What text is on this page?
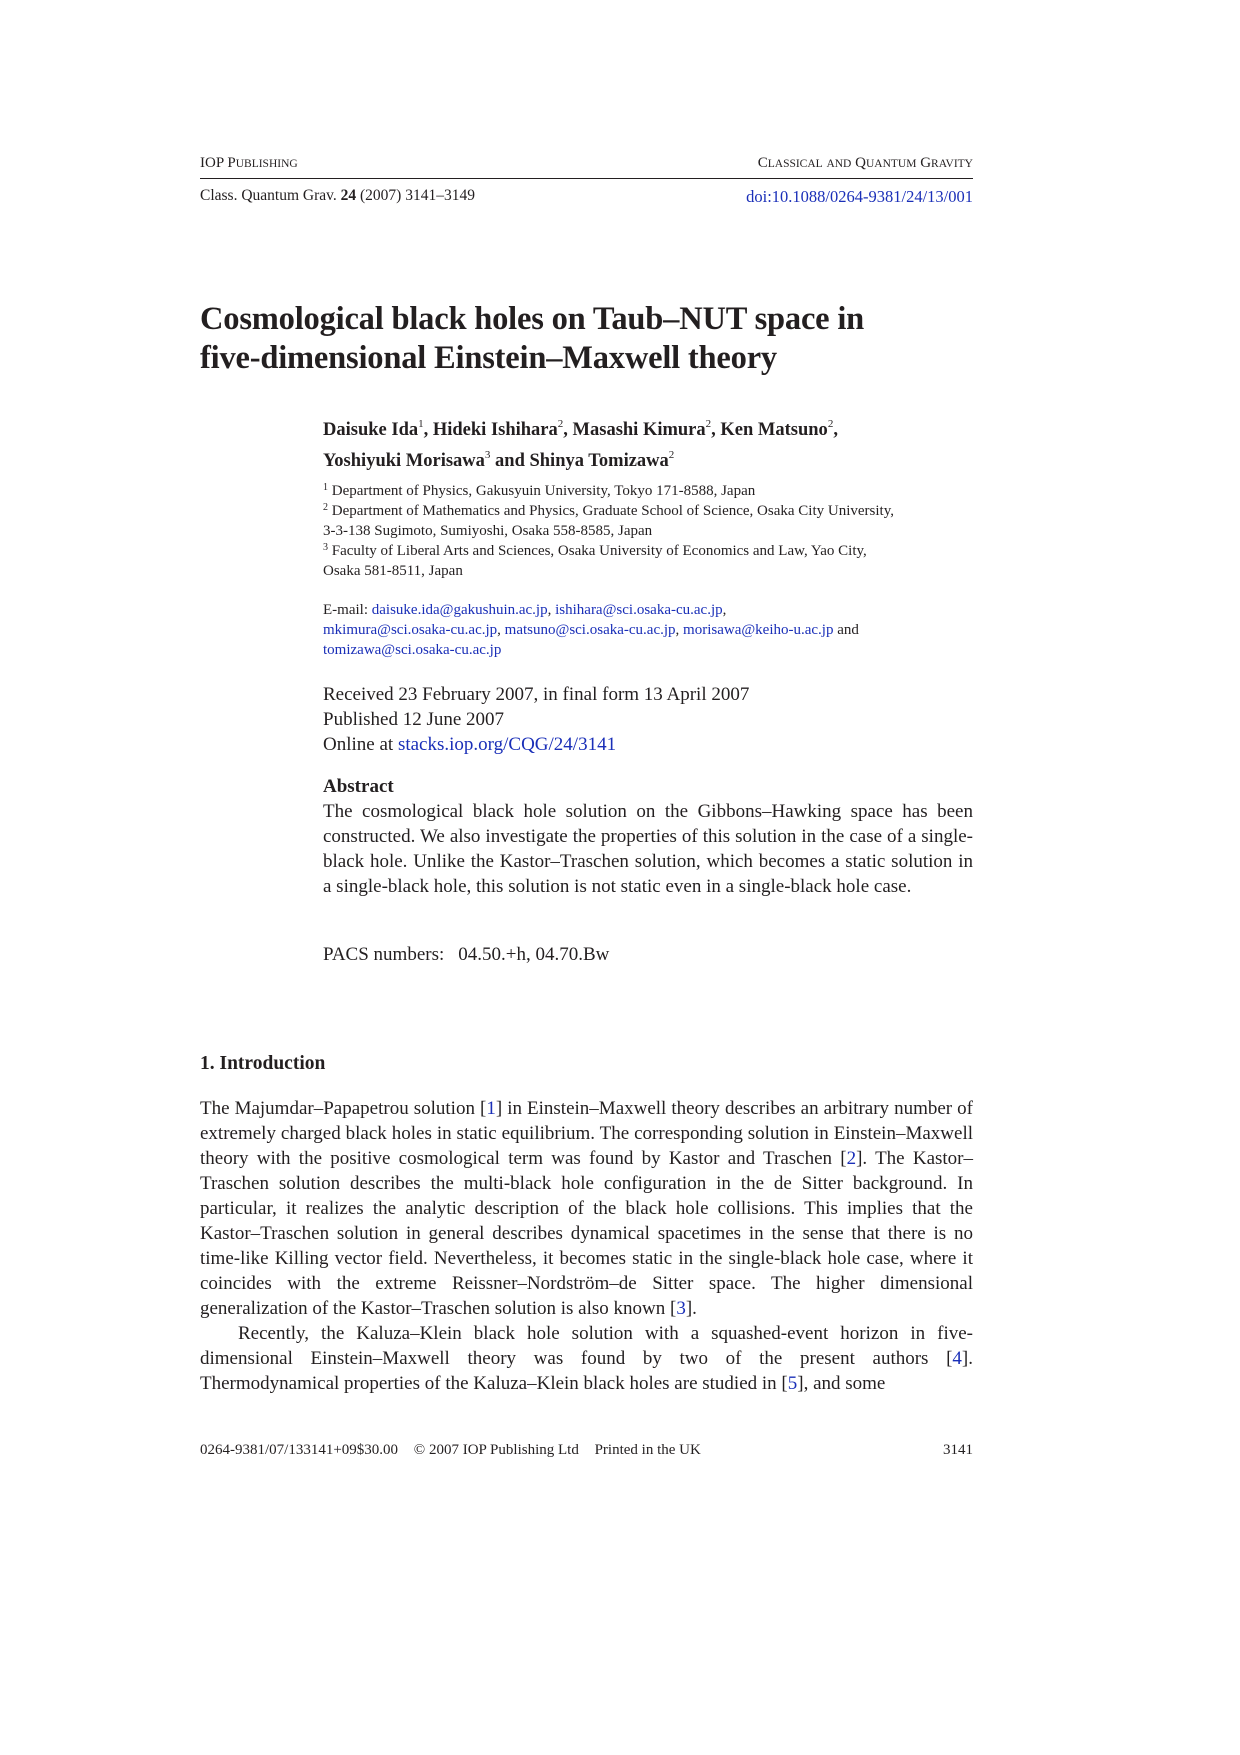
IOP PUBLISHING	CLASSICAL AND QUANTUM GRAVITY
Class. Quantum Grav. 24 (2007) 3141–3149	doi:10.1088/0264-9381/24/13/001
Cosmological black holes on Taub–NUT space in
five-dimensional Einstein–Maxwell theory
Daisuke Ida$^1$, Hideki Ishihara$^2$, Masashi Kimura$^2$, Ken Matsuno$^2$,
Yoshiyuki Morisawa$^3$ and Shinya Tomizawa$^2$
$^1$ Department of Physics, Gakusyuin University, Tokyo 171-8588, Japan
$^2$ Department of Mathematics and Physics, Graduate School of Science, Osaka City University,
3-3-138 Sugimoto, Sumiyoshi, Osaka 558-8585, Japan
$^3$ Faculty of Liberal Arts and Sciences, Osaka University of Economics and Law, Yao City,
Osaka 581-8511, Japan
E-mail: daisuke.ida@gakushuin.ac.jp, ishihara@sci.osaka-cu.ac.jp,
mkimura@sci.osaka-cu.ac.jp, matsuno@sci.osaka-cu.ac.jp, morisawa@keiho-u.ac.jp and
tomizawa@sci.osaka-cu.ac.jp
Received 23 February 2007, in final form 13 April 2007
Published 12 June 2007
Online at stacks.iop.org/CQG/24/3141
Abstract
The cosmological black hole solution on the Gibbons–Hawking space has been constructed. We also investigate the properties of this solution in the case of a single-black hole. Unlike the Kastor–Traschen solution, which becomes a static solution in a single-black hole, this solution is not static even in a single-black hole case.
PACS numbers: 04.50.+h, 04.70.Bw
1. Introduction

The Majumdar–Papapetrou solution [1] in Einstein–Maxwell theory describes an arbitrary number of extremely charged black holes in static equilibrium. The corresponding solution in Einstein–Maxwell theory with the positive cosmological term was found by Kastor and Traschen [2]. The Kastor–Traschen solution describes the multi-black hole configuration in the de Sitter background. In particular, it realizes the analytic description of the black hole collisions. This implies that the Kastor–Traschen solution in general describes dynamical spacetimes in the sense that there is no time-like Killing vector field. Nevertheless, it becomes static in the single-black hole case, where it coincides with the extreme Reissner–Nordström–de Sitter space. The higher dimensional generalization of the Kastor–Traschen solution is also known [3].

Recently, the Kaluza–Klein black hole solution with a squashed-event horizon in five-dimensional Einstein–Maxwell theory was found by two of the present authors [4]. Thermodynamical properties of the Kaluza–Klein black holes are studied in [5], and some

0264-9381/07/133141+09$30.00 © 2007 IOP Publishing Ltd Printed in the UK	3141
